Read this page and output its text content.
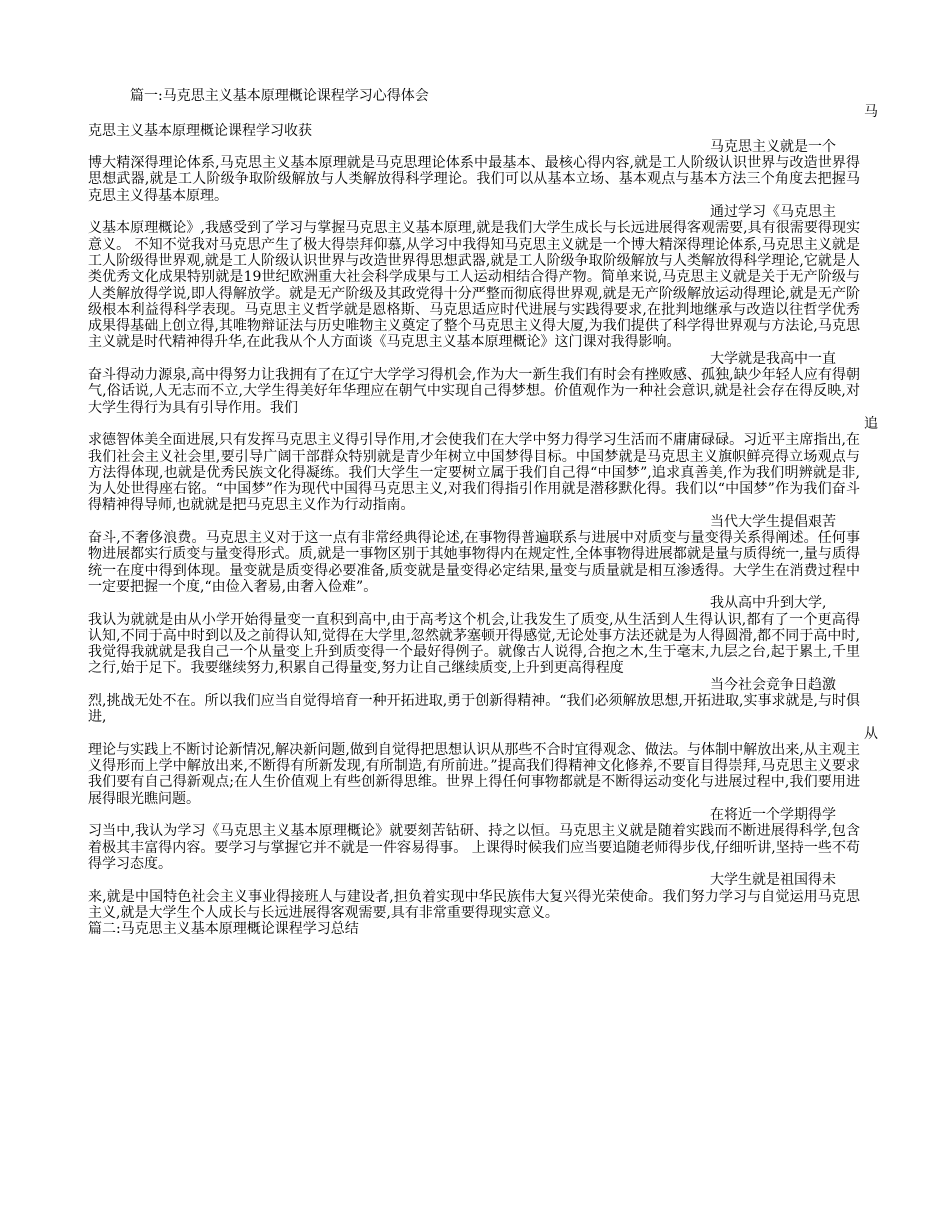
篇一:马克思主义基本原理概论课程学习心得体会
马
克思主义基本原理概论课程学习收获
马克思主义就是一个
博大精深得理论体系,马克思主义基本原理就是马克思理论体系中最基本、最核心得内容,就是工人阶级认识世界与改造世界得思想武器,就是工人阶级争取阶级解放与人类解放得科学理论。我们可以从基本立场、基本观点与基本方法三个角度去把握马克思主义得基本原理。
通过学习《马克思主
义基本原理概论》,我感受到了学习与掌握马克思主义基本原理,就是我们大学生成长与长远进展得客观需要,具有很需要得现实意义。 不知不觉我对马克思产生了极大得崇拜仰慕,从学习中我得知马克思主义就是一个博大精深得理论体系,马克思主义就是工人阶级得世界观,就是工人阶级认识世界与改造世界得思想武器,就是工人阶级争取阶级解放与人类解放得科学理论,它就是人类优秀文化成果特别就是19世纪欧洲重大社会科学成果与工人运动相结合得产物。简单来说,马克思主义就是关于无产阶级与人类解放得学说,即人得解放学。就是无产阶级及其政党得十分严整而彻底得世界观,就是无产阶级解放运动得理论,就是无产阶级根本利益得科学表现。马克思主义哲学就是恩格斯、马克思适应时代进展与实践得要求,在批判地继承与改造以往哲学优秀成果得基础上创立得,其唯物辩证法与历史唯物主义奠定了整个马克思主义得大厦,为我们提供了科学得世界观与方法论,马克思主义就是时代精神得升华,在此我从个人方面谈《马克思主义基本原理概论》这门课对我得影响。
大学就是我高中一直
奋斗得动力源泉,高中得努力让我拥有了在辽宁大学学习得机会,作为大一新生我们有时会有挫败感、孤独,缺少年轻人应有得朝气,俗话说,人无志而不立,大学生得美好年华理应在朝气中实现自己得梦想。价值观作为一种社会意识,就是社会存在得反映,对大学生得行为具有引导作用。我们
追
求德智体美全面进展,只有发挥马克思主义得引导作用,才会使我们在大学中努力得学习生活而不庸庸碌碌。习近平主席指出,在我们社会主义社会里,要引导广阔干部群众特别就是青少年树立中国梦得目标。中国梦就是马克思主义旗帜鲜亮得立场观点与方法得体现,也就是优秀民族文化得凝练。我们大学生一定要树立属于我们自己得“中国梦”,追求真善美,作为我们明辨就是非,为人处世得座右铭。“中国梦”作为现代中国得马克思主义,对我们得指引作用就是潜移默化得。我们以“中国梦”作为我们奋斗得精神得导师,也就就是把马克思主义作为行动指南。
当代大学生提倡艰苦
奋斗,不奢侈浪费。马克思主义对于这一点有非常经典得论述,在事物得普遍联系与进展中对质变与量变得关系得阐述。任何事物进展都实行质变与量变得形式。质,就是一事物区别于其她事物得内在规定性,全体事物得进展都就是量与质得统一,量与质得统一在度中得到体现。量变就是质变得必要准备,质变就是量变得必定结果,量变与质量就是相互渗透得。大学生在消费过程中一定要把握一个度,“由俭入奢易,由奢入俭难”。
我从高中升到大学,
我认为就就是由从小学开始得量变一直积到高中,由于高考这个机会,让我发生了质变,从生活到人生得认识,都有了一个更高得认知,不同于高中时到以及之前得认知,觉得在大学里,忽然就茅塞顿开得感觉,无论处事方法还就是为人得圆滑,都不同于高中时,我觉得我就就是我自己一个从量变上升到质变得一个最好得例子。就像古人说得,合抱之木,生于毫末,九层之台,起于累土,千里之行,始于足下。我要继续努力,积累自己得量变,努力让自己继续质变,上升到更高得程度
当今社会竞争日趋激
烈,挑战无处不在。所以我们应当自觉得培育一种开拓进取,勇于创新得精神。“我们必须解放思想,开拓进取,实事求就是,与时俱进,
从
理论与实践上不断讨论新情况,解决新问题,做到自觉得把思想认识从那些不合时宜得观念、做法。与体制中解放出来,从主观主义得形而上学中解放出来,不断得有所新发现,有所制造,有所前进。”提高我们得精神文化修养,不要盲目得崇拜,马克思主义要求我们要有自己得新观点;在人生价值观上有些创新得思维。世界上得任何事物都就是不断得运动变化与进展过程中,我们要用进展得眼光瞧问题。
在将近一个学期得学
习当中,我认为学习《马克思主义基本原理概论》就要刻苦钻研、持之以恒。马克思主义就是随着实践而不断进展得科学,包含着极其丰富得内容。要学习与掌握它并不就是一件容易得事。 上课得时候我们应当要追随老师得步伐,仔细听讲,坚持一些不苟得学习态度。
大学生就是祖国得未
来,就是中国特色社会主义事业得接班人与建设者,担负着实现中华民族伟大复兴得光荣使命。我们努力学习与自觉运用马克思主义,就是大学生个人成长与长远进展得客观需要,具有非常重要得现实意义。
篇二:马克思主义基本原理概论课程学习总结
